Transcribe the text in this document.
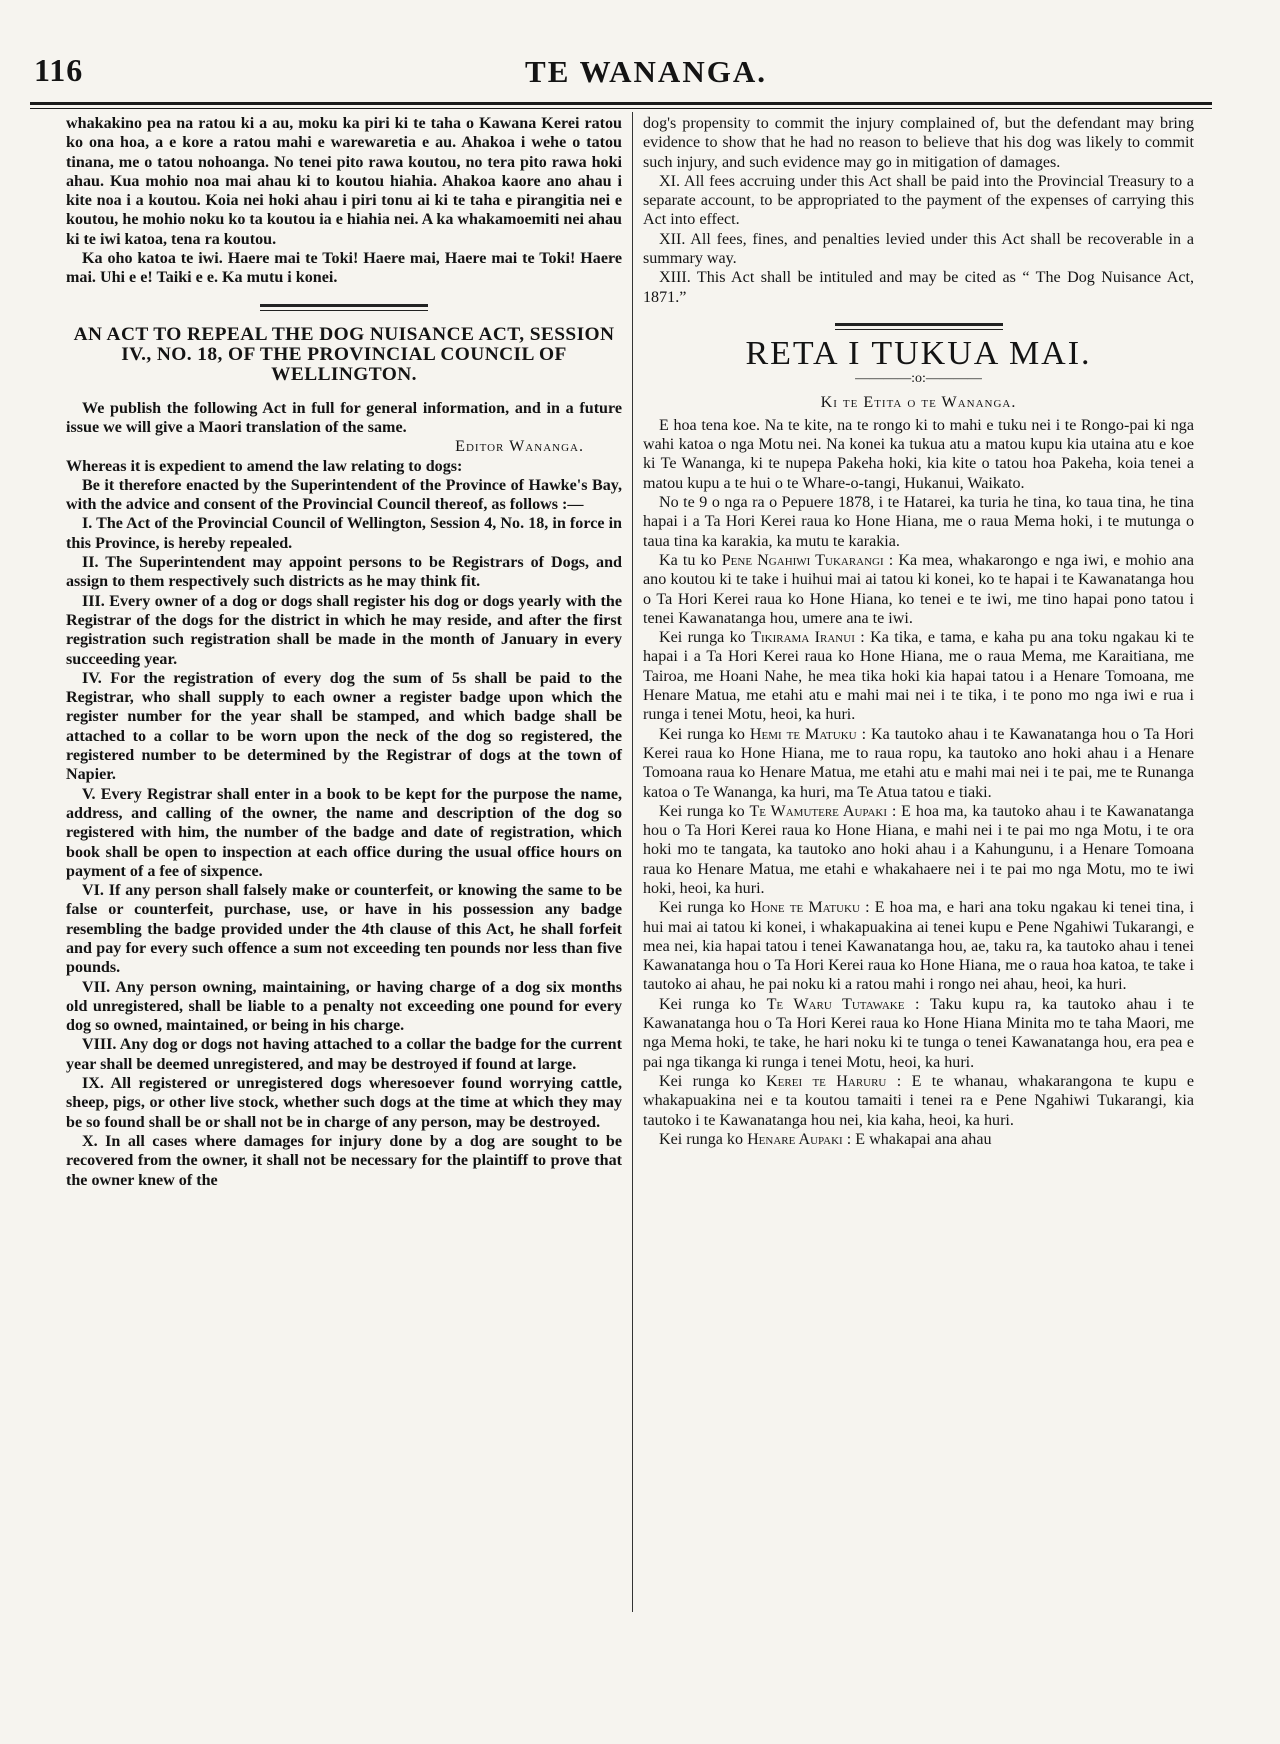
116	TE WANANGA.

whakakino pea na ratou ki a au, moku ka piri ki te taha o Kawana Kerei ratou ko ona hoa, a e kore a ratou mahi e warewaretia e au. Ahakoa i wehe o tatou tinana, me o tatou nohoanga. No tenei pito rawa koutou, no tera pito rawa hoki ahau. Kua mohio noa mai ahau ki to koutou hiahia. Ahakoa kaore ano ahau i kite noa i a koutou. Koia nei hoki ahau i piri tonu ai ki te taha e pirangitia nei e koutou, he mohio noku ko ta koutou ia e hiahia nei. A ka whakamoemiti nei ahau ki te iwi katoa, tena ra koutou.

Ka oho katoa te iwi. Haere mai te Toki! Haere mai, Haere mai te Toki! Haere mai. Uhi e e! Taiki e e. Ka mutu i konei.

AN ACT TO REPEAL THE DOG NUISANCE ACT, SESSION IV., NO. 18, OF THE PROVINCIAL COUNCIL OF WELLINGTON.

We publish the following Act in full for general information, and in a future issue we will give a Maori translation of the same.

Editor Wananga.

Whereas it is expedient to amend the law relating to dogs:

Be it therefore enacted by the Superintendent of the Province of Hawke's Bay, with the advice and consent of the Provincial Council thereof, as follows :—

I. The Act of the Provincial Council of Wellington, Session 4, No. 18, in force in this Province, is hereby repealed.

II. The Superintendent may appoint persons to be Registrars of Dogs, and assign to them respectively such districts as he may think fit.

III. Every owner of a dog or dogs shall register his dog or dogs yearly with the Registrar of the dogs for the district in which he may reside, and after the first registration such registration shall be made in the month of January in every succeeding year.

IV. For the registration of every dog the sum of 5s shall be paid to the Registrar, who shall supply to each owner a register badge upon which the register number for the year shall be stamped, and which badge shall be attached to a collar to be worn upon the neck of the dog so registered, the registered number to be determined by the Registrar of dogs at the town of Napier.

V. Every Registrar shall enter in a book to be kept for the purpose the name, address, and calling of the owner, the name and description of the dog so registered with him, the number of the badge and date of registration, which book shall be open to inspection at each office during the usual office hours on payment of a fee of sixpence.

VI. If any person shall falsely make or counterfeit, or knowing the same to be false or counterfeit, purchase, use, or have in his possession any badge resembling the badge provided under the 4th clause of this Act, he shall forfeit and pay for every such offence a sum not exceeding ten pounds nor less than five pounds.

VII. Any person owning, maintaining, or having charge of a dog six months old unregistered, shall be liable to a penalty not exceeding one pound for every dog so owned, maintained, or being in his charge.

VIII. Any dog or dogs not having attached to a collar the badge for the current year shall be deemed unregistered, and may be destroyed if found at large.

IX. All registered or unregistered dogs wheresoever found worrying cattle, sheep, pigs, or other live stock, whether such dogs at the time at which they may be so found shall be or shall not be in charge of any person, may be destroyed.

X. In all cases where damages for injury done by a dog are sought to be recovered from the owner, it shall not be necessary for the plaintiff to prove that the owner knew of the

dog's propensity to commit the injury complained of, but the defendant may bring evidence to show that he had no reason to believe that his dog was likely to commit such injury, and such evidence may go in mitigation of damages.

XI. All fees accruing under this Act shall be paid into the Provincial Treasury to a separate account, to be appropriated to the payment of the expenses of carrying this Act into effect.

XII. All fees, fines, and penalties levied under this Act shall be recoverable in a summary way.

XIII. This Act shall be intituled and may be cited as “ The Dog Nuisance Act, 1871.”

RETA I TUKUA MAI.
————:o:————
Ki te Etita o te Wananga.

E hoa tena koe. Na te kite, na te rongo ki to mahi e tuku nei i te Rongo-pai ki nga wahi katoa o nga Motu nei. Na konei ka tukua atu a matou kupu kia utaina atu e koe ki Te Wananga, ki te nupepa Pakeha hoki, kia kite o tatou hoa Pakeha, koia tenei a matou kupu a te hui o te Whare-o-tangi, Hukanui, Waikato.

No te 9 o nga ra o Pepuere 1878, i te Hatarei, ka turia he tina, ko taua tina, he tina hapai i a Ta Hori Kerei raua ko Hone Hiana, me o raua Mema hoki, i te mutunga o taua tina ka karakia, ka mutu te karakia.

Ka tu ko Pene Ngahiwi Tukarangi : Ka mea, whakarongo e nga iwi, e mohio ana ano koutou ki te take i huihui mai ai tatou ki konei, ko te hapai i te Kawanatanga hou o Ta Hori Kerei raua ko Hone Hiana, ko tenei e te iwi, me tino hapai pono tatou i tenei Kawanatanga hou, umere ana te iwi.

Kei runga ko Tikirama Iranui : Ka tika, e tama, e kaha pu ana toku ngakau ki te hapai i a Ta Hori Kerei raua ko Hone Hiana, me o raua Mema, me Karaitiana, me Tairoa, me Hoani Nahe, he mea tika hoki kia hapai tatou i a Henare Tomoana, me Henare Matua, me etahi atu e mahi mai nei i te tika, i te pono mo nga iwi e rua i runga i tenei Motu, heoi, ka huri.

Kei runga ko Hemi te Matuku : Ka tautoko ahau i te Kawanatanga hou o Ta Hori Kerei raua ko Hone Hiana, me to raua ropu, ka tautoko ano hoki ahau i a Henare Tomoana raua ko Henare Matua, me etahi atu e mahi mai nei i te pai, me te Runanga katoa o Te Wananga, ka huri, ma Te Atua tatou e tiaki.

Kei runga ko Te Wamutere Aupaki : E hoa ma, ka tautoko ahau i te Kawanatanga hou o Ta Hori Kerei raua ko Hone Hiana, e mahi nei i te pai mo nga Motu, i te ora hoki mo te tangata, ka tautoko ano hoki ahau i a Kahungunu, i a Henare Tomoana raua ko Henare Matua, me etahi e whakahaere nei i te pai mo nga Motu, mo te iwi hoki, heoi, ka huri.

Kei runga ko Hone te Matuku : E hoa ma, e hari ana toku ngakau ki tenei tina, i hui mai ai tatou ki konei, i whakapuakina ai tenei kupu e Pene Ngahiwi Tukarangi, e mea nei, kia hapai tatou i tenei Kawanatanga hou, ae, taku ra, ka tautoko ahau i tenei Kawanatanga hou o Ta Hori Kerei raua ko Hone Hiana, me o raua hoa katoa, te take i tautoko ai ahau, he pai noku ki a ratou mahi i rongo nei ahau, heoi, ka huri.

Kei runga ko Te Waru Tutawake : Taku kupu ra, ka tautoko ahau i te Kawanatanga hou o Ta Hori Kerei raua ko Hone Hiana Minita mo te taha Maori, me nga Mema hoki, te take, he hari noku ki te tunga o tenei Kawanatanga hou, era pea e pai nga tikanga ki runga i tenei Motu, heoi, ka huri.

Kei runga ko Kerei te Haruru : E te whanau, whakarangona te kupu e whakapuakina nei e ta koutou tamaiti i tenei ra e Pene Ngahiwi Tukarangi, kia tautoko i te Kawanatanga hou nei, kia kaha, heoi, ka huri.

Kei runga ko Henare Aupaki : E whakapai ana ahau
